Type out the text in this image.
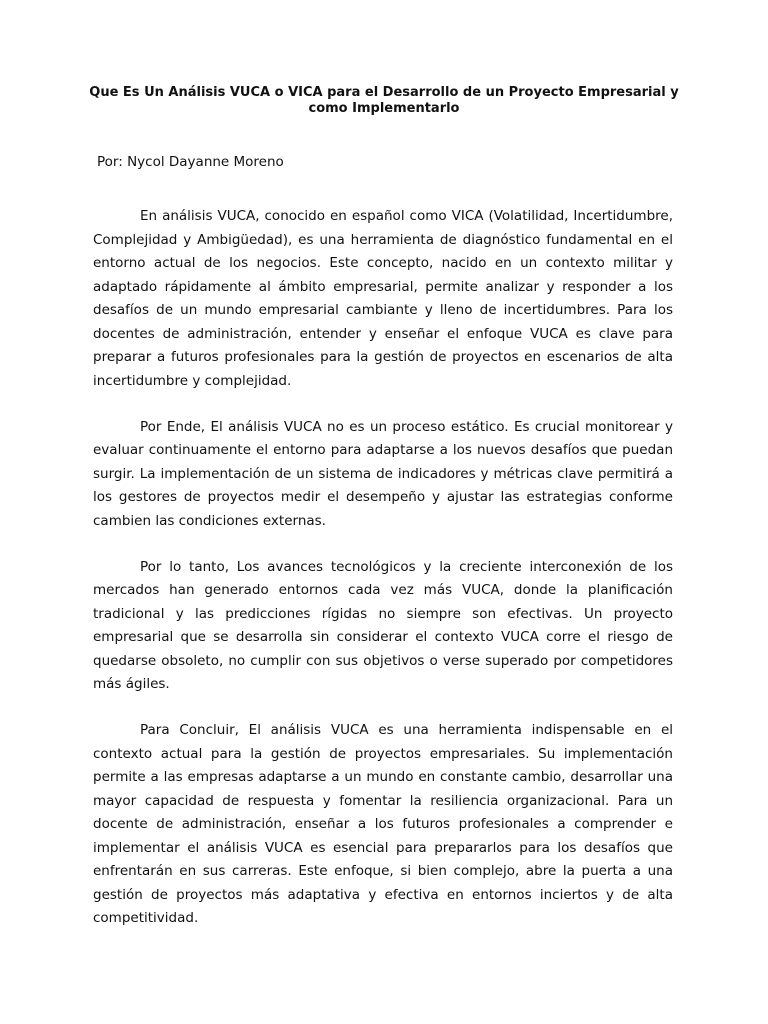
Que Es Un Análisis VUCA o VICA para el Desarrollo de un Proyecto Empresarial y como Implementarlo
Por: Nycol Dayanne Moreno

En análisis VUCA, conocido en español como VICA (Volatilidad, Incertidumbre, Complejidad y Ambigüedad), es una herramienta de diagnóstico fundamental en el entorno actual de los negocios. Este concepto, nacido en un contexto militar y adaptado rápidamente al ámbito empresarial, permite analizar y responder a los desafíos de un mundo empresarial cambiante y lleno de incertidumbres. Para los docentes de administración, entender y enseñar el enfoque VUCA es clave para preparar a futuros profesionales para la gestión de proyectos en escenarios de alta incertidumbre y complejidad.

Por Ende, El análisis VUCA no es un proceso estático. Es crucial monitorear y evaluar continuamente el entorno para adaptarse a los nuevos desafíos que puedan surgir. La implementación de un sistema de indicadores y métricas clave permitirá a los gestores de proyectos medir el desempeño y ajustar las estrategias conforme cambien las condiciones externas.

Por lo tanto, Los avances tecnológicos y la creciente interconexión de los mercados han generado entornos cada vez más VUCA, donde la planificación tradicional y las predicciones rígidas no siempre son efectivas. Un proyecto empresarial que se desarrolla sin considerar el contexto VUCA corre el riesgo de quedarse obsoleto, no cumplir con sus objetivos o verse superado por competidores más ágiles.

Para Concluir, El análisis VUCA es una herramienta indispensable en el contexto actual para la gestión de proyectos empresariales. Su implementación permite a las empresas adaptarse a un mundo en constante cambio, desarrollar una mayor capacidad de respuesta y fomentar la resiliencia organizacional. Para un docente de administración, enseñar a los futuros profesionales a comprender e implementar el análisis VUCA es esencial para prepararlos para los desafíos que enfrentarán en sus carreras. Este enfoque, si bien complejo, abre la puerta a una gestión de proyectos más adaptativa y efectiva en entornos inciertos y de alta competitividad.
